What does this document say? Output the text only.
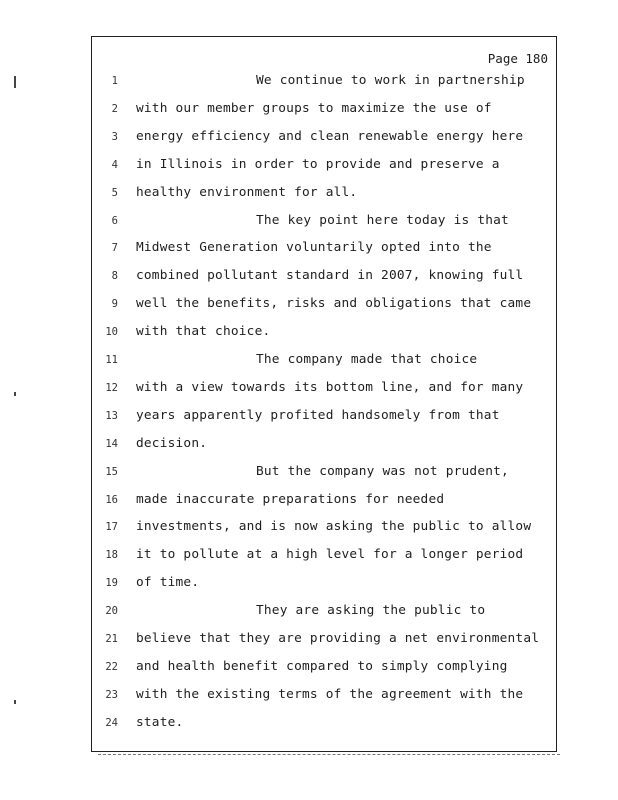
Page 180
1	We continue to work in partnership
2 with our member groups to maximize the use of
3 energy efficiency and clean renewable energy here
4 in Illinois in order to provide and preserve a
5 healthy environment for all.
6	The key point here today is that
7 Midwest Generation voluntarily opted into the
8 combined pollutant standard in 2007, knowing full
9 well the benefits, risks and obligations that came
10 with that choice.
11	The company made that choice
12 with a view towards its bottom line, and for many
13 years apparently profited handsomely from that
14 decision.
15	But the company was not prudent,
16 made inaccurate preparations for needed
17 investments, and is now asking the public to allow
18 it to pollute at a high level for a longer period
19 of time.
20	They are asking the public to
21 believe that they are providing a net environmental
22 and health benefit compared to simply complying
23 with the existing terms of the agreement with the
24 state.
